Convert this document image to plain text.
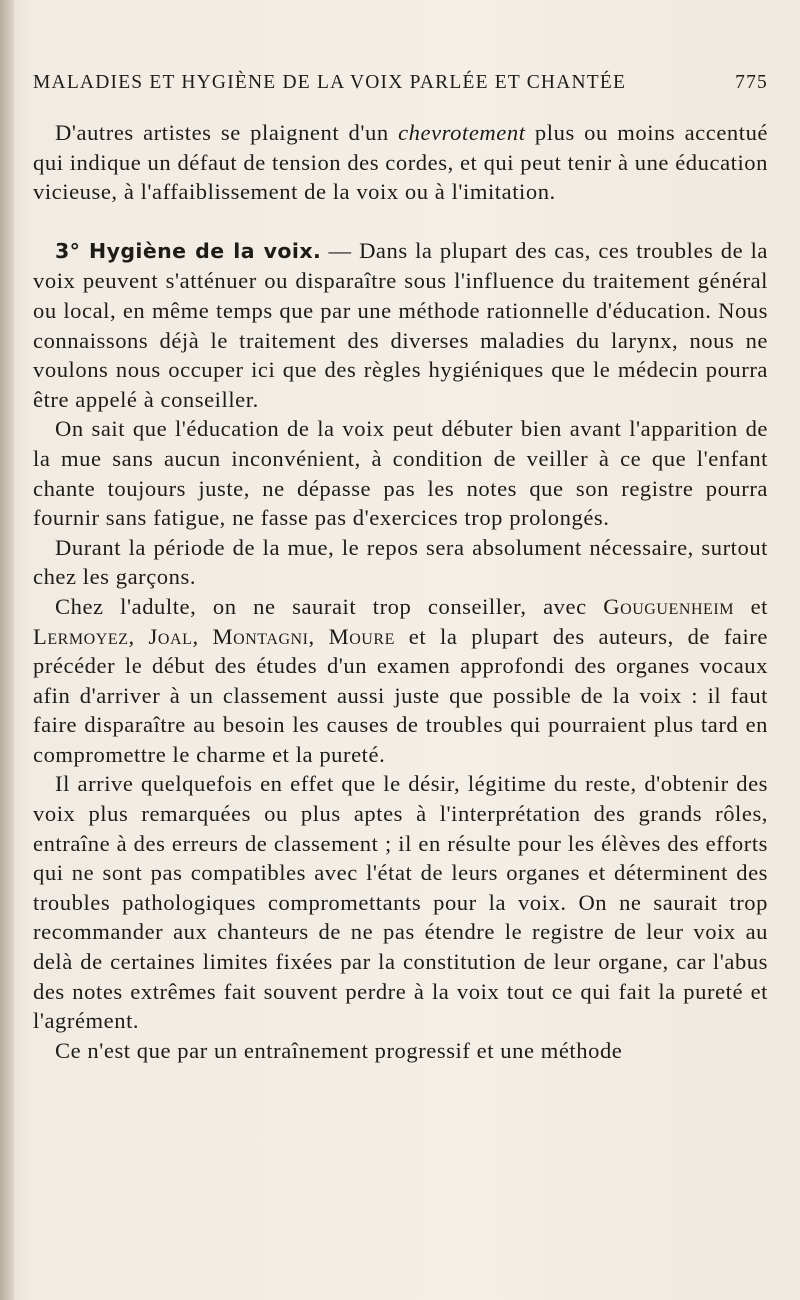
MALADIES ET HYGIÈNE DE LA VOIX PARLÉE ET CHANTÉE	775

D'autres artistes se plaignent d'un chevrotement plus ou moins accentué qui indique un défaut de tension des cordes, et qui peut tenir à une éducation vicieuse, à l'affaiblissement de la voix ou à l'imitation.

3° Hygiène de la voix. — Dans la plupart des cas, ces troubles de la voix peuvent s'atténuer ou disparaître sous l'influence du traitement général ou local, en même temps que par une méthode rationnelle d'éducation. Nous connaissons déjà le traitement des diverses maladies du larynx, nous ne voulons nous occuper ici que des règles hygiéniques que le médecin pourra être appelé à conseiller.

On sait que l'éducation de la voix peut débuter bien avant l'apparition de la mue sans aucun inconvénient, à condition de veiller à ce que l'enfant chante toujours juste, ne dépasse pas les notes que son registre pourra fournir sans fatigue, ne fasse pas d'exercices trop prolongés.

Durant la période de la mue, le repos sera absolument nécessaire, surtout chez les garçons.

Chez l'adulte, on ne saurait trop conseiller, avec Gouguenheim et Lermoyez, Joal, Montagni, Moure et la plupart des auteurs, de faire précéder le début des études d'un examen approfondi des organes vocaux afin d'arriver à un classement aussi juste que possible de la voix : il faut faire disparaître au besoin les causes de troubles qui pourraient plus tard en compromettre le charme et la pureté.

Il arrive quelquefois en effet que le désir, légitime du reste, d'obtenir des voix plus remarquées ou plus aptes à l'interprétation des grands rôles, entraîne à des erreurs de classement ; il en résulte pour les élèves des efforts qui ne sont pas compatibles avec l'état de leurs organes et déterminent des troubles pathologiques compromettants pour la voix. On ne saurait trop recommander aux chanteurs de ne pas étendre le registre de leur voix au delà de certaines limites fixées par la constitution de leur organe, car l'abus des notes extrêmes fait souvent perdre à la voix tout ce qui fait la pureté et l'agrément.

Ce n'est que par un entraînement progressif et une méthode
